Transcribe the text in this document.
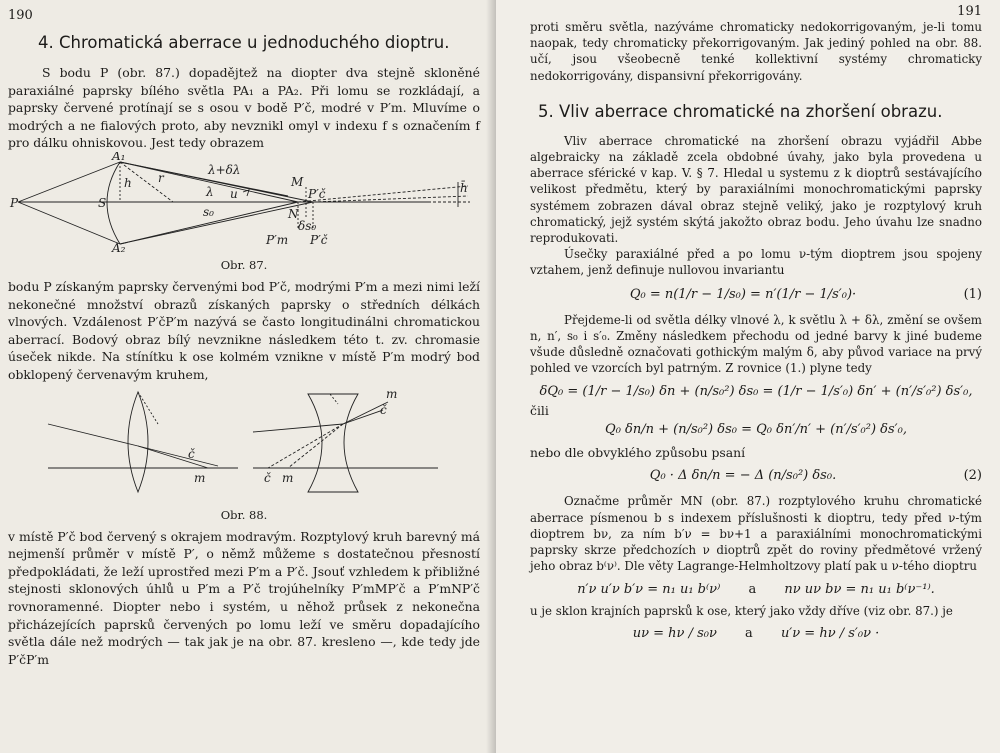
190
4. Chromatická aberrace u jednoduchého dioptru.

S bodu P (obr. 87.) dopadějtež na diopter dva stejně skloněné paraxiálné paprsky bílého světla PA₁ a PA₂. Při lomu se rozkládají, a paprsky červené protínají se s osou v bodě P′č, modré v P′m. Mluvíme o modrých a ne fialových proto, aby nevznikl omyl v indexu f s označením f pro dálku ohniskovou. Jest tedy obrazem

A₁
A₂
P	S
h r
λ+δλ
λ u
s₀
M
P′č
N
δs₀
P′m P′č
h̄
Obr. 87.

bodu P získaným paprsky červenými bod P′č, modrými P′m a mezi nimi leží nekonečné množství obrazů získaných paprsky o středních délkách vlnových. Vzdálenost P′čP′m nazývá se často longitudinálni chromatickou aberrací. Bodový obraz bílý nevznikne následkem této t. zv. chromasie úseček nikde. Na stínítku k ose kolmém vznikne v místě P′m modrý bod obklopený červenavým kruhem,

č
m
m
č
č m
Obr. 88.

v místě P′č bod červený s okrajem modravým. Rozptylový kruh barevný má nejmenší průměr v místě P′, o němž můžeme s dostatečnou přesností předpokládati, že leží uprostřed mezi P′m a P′č. Jsouť vzhledem k přibližné stejnosti sklonových úhlů u P′m a P′č trojúhelníky P′mMP′č a P′mNP′č rovnoramenné. Diopter nebo i systém, u něhož průsek z nekonečna přicházejících paprsků červených po lomu leží ve směru dopadajícího světla dále než modrých — tak jak je na obr. 87. kresleno —, kde tedy jde P′čP′m

191

proti směru světla, nazýváme chromaticky nedokorrigovaným, je-li tomu naopak, tedy chromaticky překorrigovaným. Jak jediný pohled na obr. 88. učí, jsou všeobecně tenké kollektivní systémy chromaticky nedokorrigovány, dispansivní překorrigovány.

5. Vliv aberrace chromatické na zhoršení obrazu.

Vliv aberrace chromatické na zhoršení obrazu vyjádřil Abbe algebraicky na základě zcela obdobné úvahy, jako byla provedena u aberrace sférické v kap. V. § 7. Hledal u systemu z k dioptrů sestávajícího velikost předmětu, který by paraxiálními monochromatickými paprsky systémem zobrazen dával obraz stejně veliký, jako je rozptylový kruh chromatický, jejž systém skýtá jakožto obraz bodu. Jeho úvahu lze snadno reprodukovati.

Úsečky paraxiálné před a po lomu ν-tým dioptrem jsou spojeny vztahem, jenž definuje nullovou invariantu

Q₀ = n(1/r − 1/s₀) = n′(1/r − 1/s′₀)·	(1)

Přejdeme-li od světla délky vlnové λ, k světlu λ + δλ, změní se ovšem n, n′, s₀ i s′₀. Změny následkem přechodu od jedné barvy k jiné budeme všude důsledně označovati gothickým malým δ, aby původ variace na prvý pohled ve vzorcích byl patrným. Z rovnice (1.) plyne tedy

δQ₀ = (1/r − 1/s₀) δn + (n/s₀²) δs₀ = (1/r − 1/s′₀) δn′ + (n′/s′₀²) δs′₀,
čili
Q₀ δn/n + (n/s₀²) δs₀ = Q₀ δn′/n′ + (n′/s′₀²) δs′₀,
nebo dle obvyklého způsobu psaní
Q₀ · Δ δn/n = − Δ (n/s₀²) δs₀.	(2)

Označme průměr MN (obr. 87.) rozptylového kruhu chromatické aberrace písmenou b s indexem příslušnosti k dioptru, tedy před ν-tým dioptrem bν, za ním b′ν = bν+1 a paraxiálními monochromatickými paprsky skrze předchozích ν dioptrů zpět do roviny předmětové vržený jeho obraz b⁽ν⁾. Dle věty Lagrange-Helmholtzovy platí pak u ν-tého dioptru

n′ν u′ν b′ν = n₁ u₁ b⁽ν⁾ a nν uν bν = n₁ u₁ b⁽ν⁻¹⁾.

u je sklon krajních paprsků k ose, který jako vždy dříve (viz obr. 87.) je

uν = hν / s₀ν a u′ν = hν / s′₀ν ·
